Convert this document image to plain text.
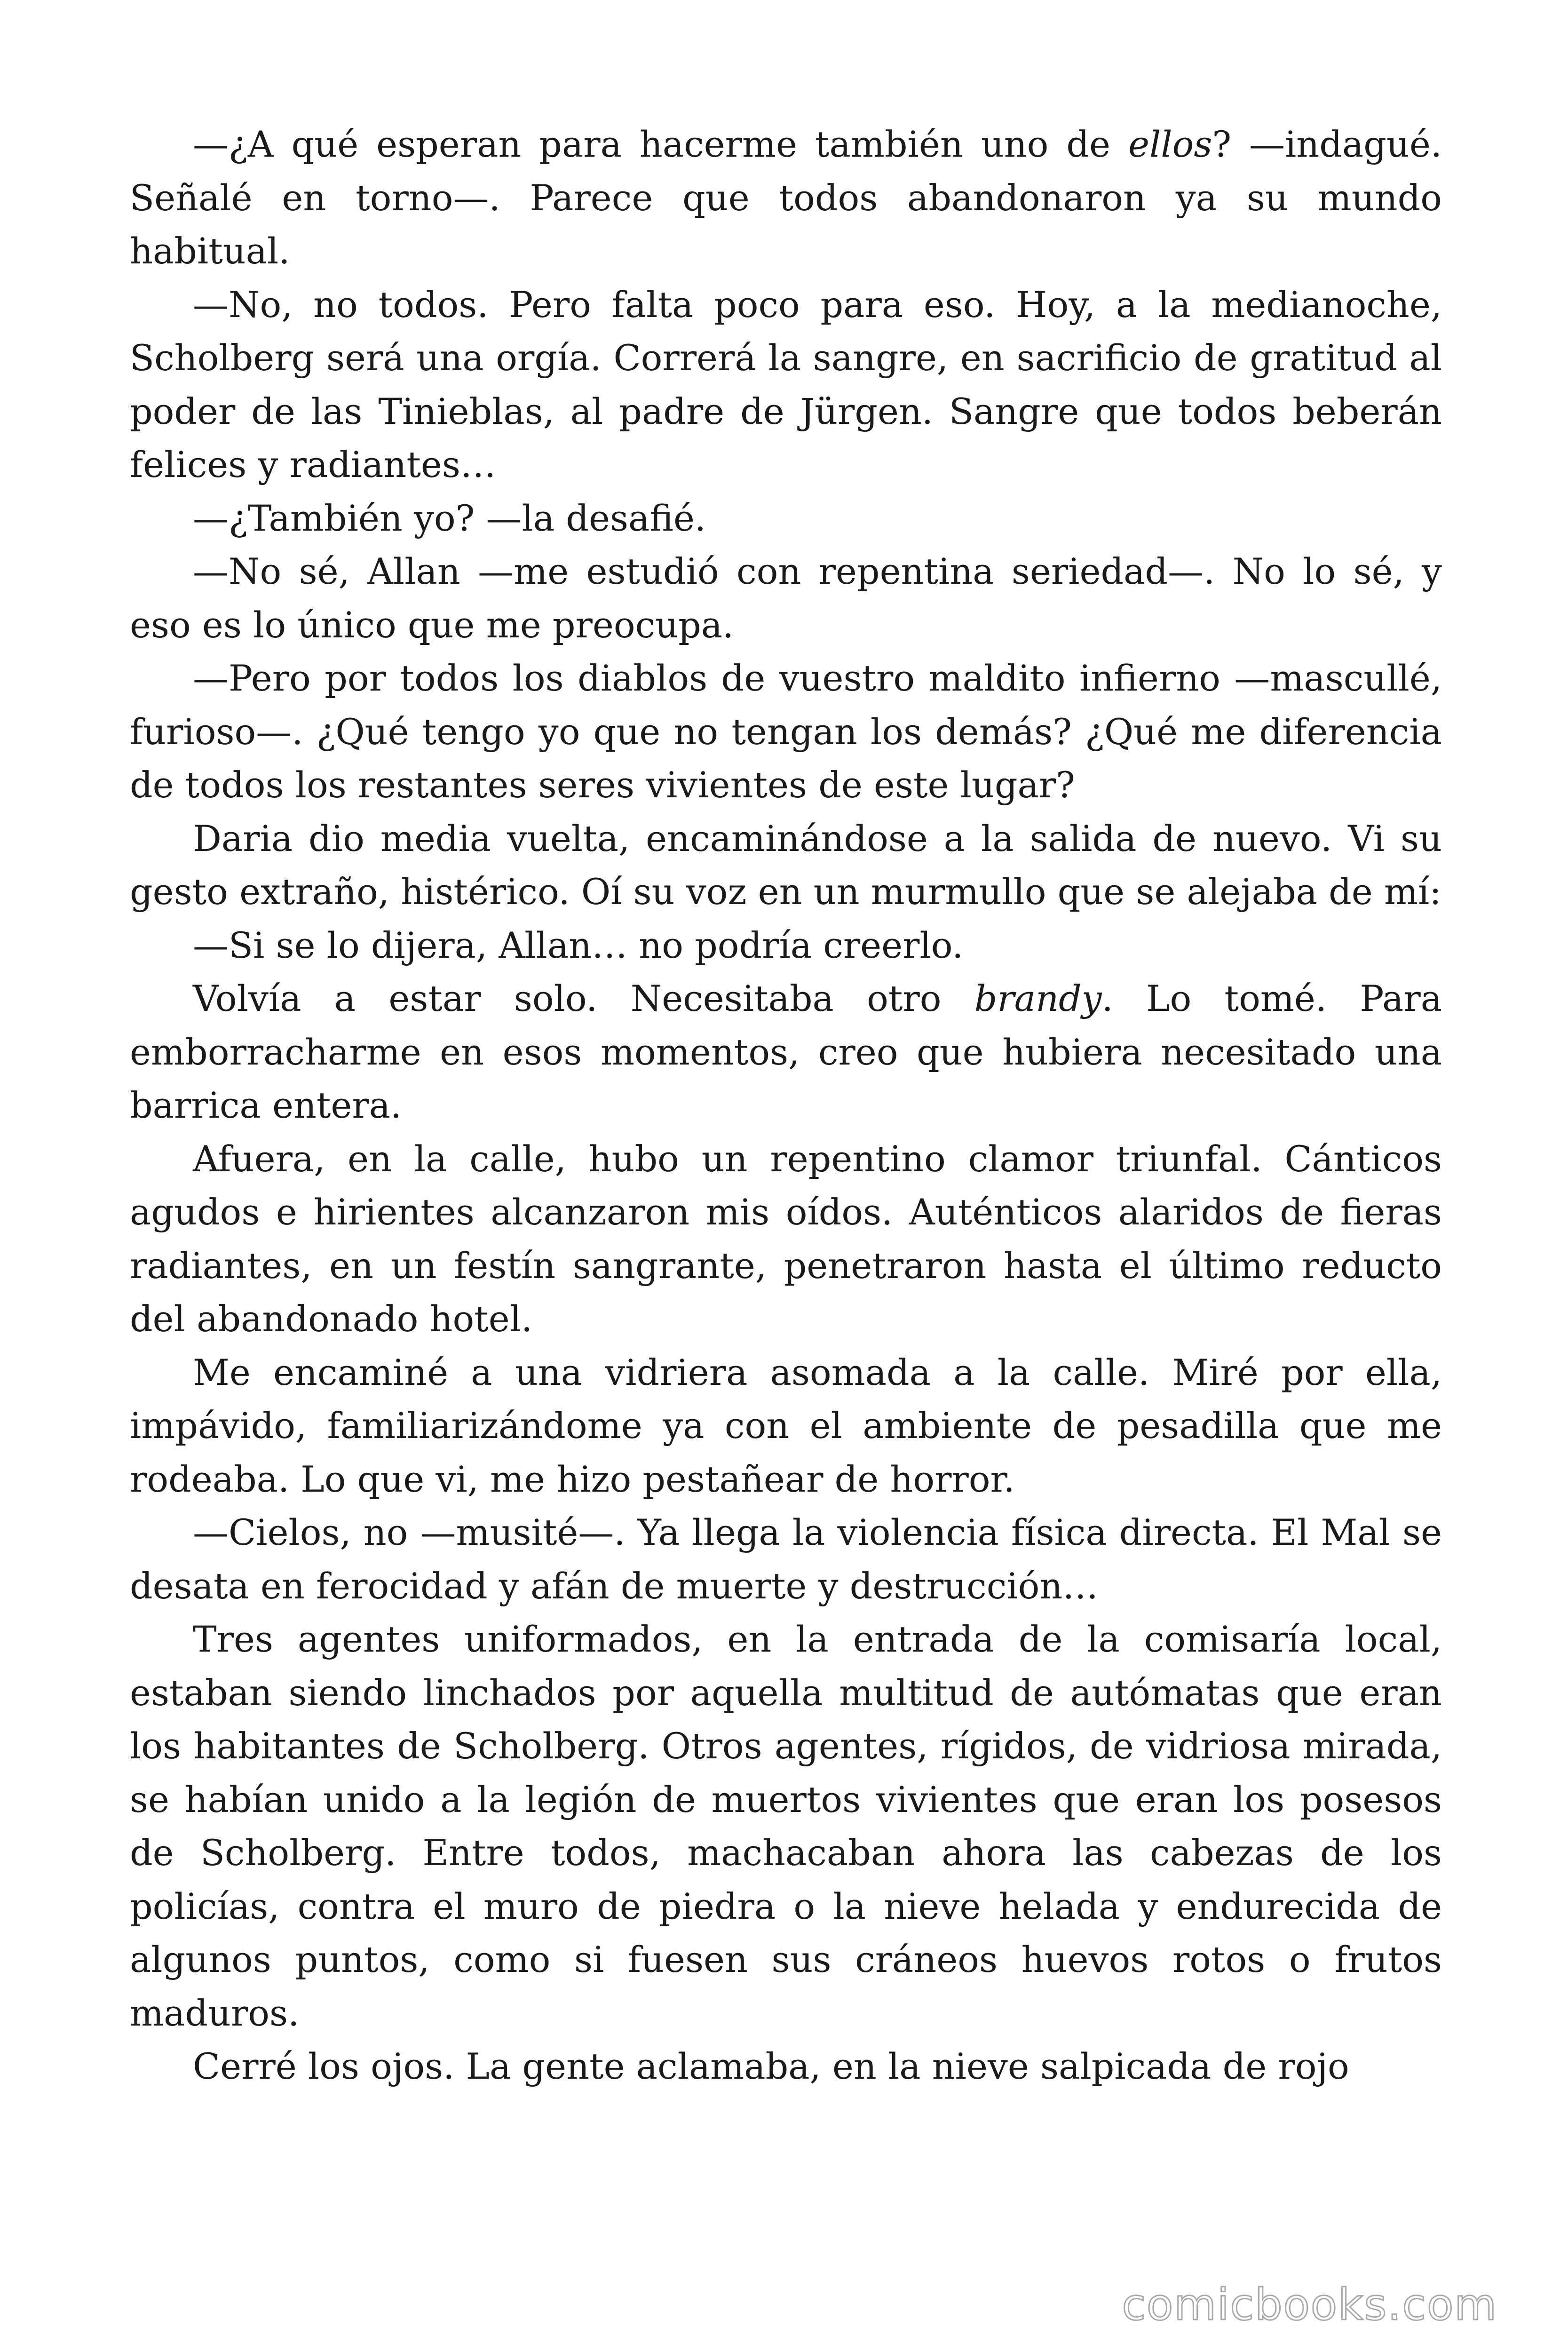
—¿A qué esperan para hacerme también uno de ellos? —indagué. Señalé en torno—. Parece que todos abandonaron ya su mundo habitual.

—No, no todos. Pero falta poco para eso. Hoy, a la medianoche, Scholberg será una orgía. Correrá la sangre, en sacrificio de gratitud al poder de las Tinieblas, al padre de Jürgen. Sangre que todos beberán felices y radiantes…

—¿También yo? —la desafié.

—No sé, Allan —me estudió con repentina seriedad—. No lo sé, y eso es lo único que me preocupa.

—Pero por todos los diablos de vuestro maldito infierno —mascullé, furioso—. ¿Qué tengo yo que no tengan los demás? ¿Qué me diferencia de todos los restantes seres vivientes de este lugar?

Daria dio media vuelta, encaminándose a la salida de nuevo. Vi su gesto extraño, histérico. Oí su voz en un murmullo que se alejaba de mí:

—Si se lo dijera, Allan… no podría creerlo.

Volvía a estar solo. Necesitaba otro brandy. Lo tomé. Para emborracharme en esos momentos, creo que hubiera necesitado una barrica entera.

Afuera, en la calle, hubo un repentino clamor triunfal. Cánticos agudos e hirientes alcanzaron mis oídos. Auténticos alaridos de fieras radiantes, en un festín sangrante, penetraron hasta el último reducto del abandonado hotel.

Me encaminé a una vidriera asomada a la calle. Miré por ella, impávido, familiarizándome ya con el ambiente de pesadilla que me rodeaba. Lo que vi, me hizo pestañear de horror.

—Cielos, no —musité—. Ya llega la violencia física directa. El Mal se desata en ferocidad y afán de muerte y destrucción…

Tres agentes uniformados, en la entrada de la comisaría local, estaban siendo linchados por aquella multitud de autómatas que eran los habitantes de Scholberg. Otros agentes, rígidos, de vidriosa mirada, se habían unido a la legión de muertos vivientes que eran los posesos de Scholberg. Entre todos, machacaban ahora las cabezas de los policías, contra el muro de piedra o la nieve helada y endurecida de algunos puntos, como si fuesen sus cráneos huevos rotos o frutos maduros.

Cerré los ojos. La gente aclamaba, en la nieve salpicada de rojo

comicbooks.com
